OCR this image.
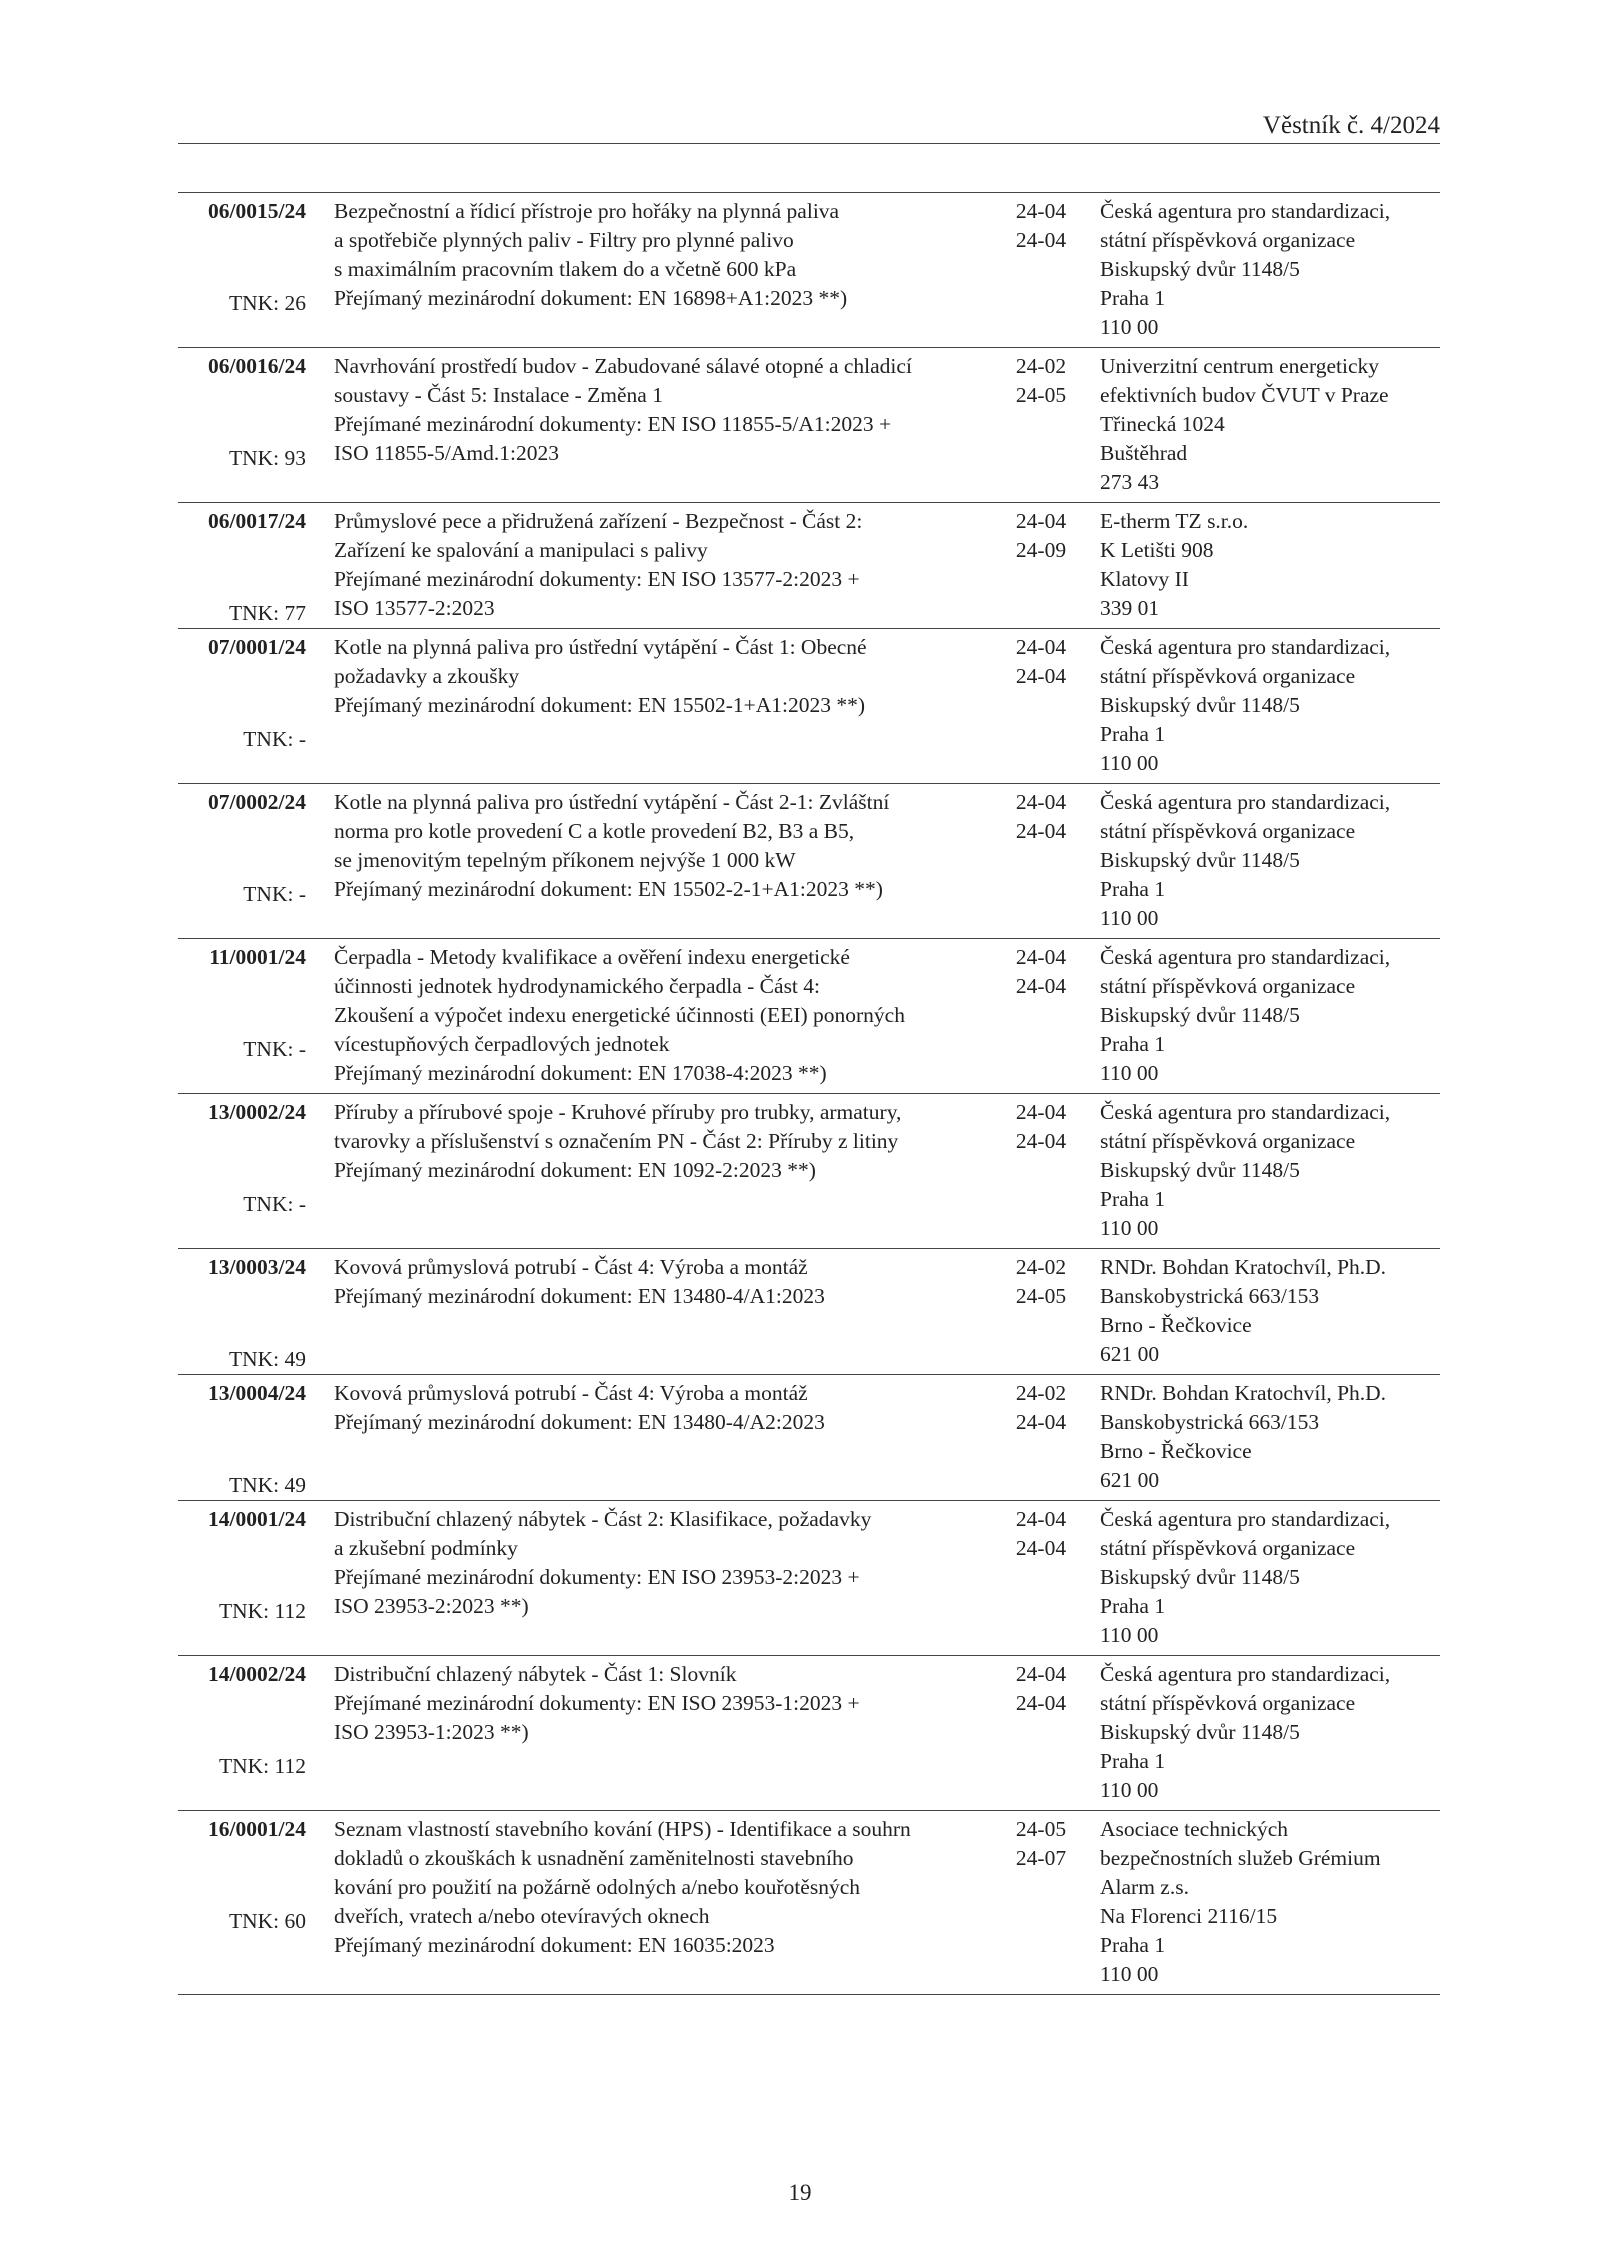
Věstník č. 4/2024
06/0015/24
TNK: 26
Bezpečnostní a řídicí přístroje pro hořáky na plynná paliva
a spotřebiče plynných paliv - Filtry pro plynné palivo
s maximálním pracovním tlakem do a včetně 600 kPa
Přejímaný mezinárodní dokument: EN 16898+A1:2023 **)
24-04
24-04
Česká agentura pro standardizaci,
státní příspěvková organizace
Biskupský dvůr 1148/5
Praha 1
110 00
06/0016/24
TNK: 93
Navrhování prostředí budov - Zabudované sálavé otopné a chladicí
soustavy - Část 5: Instalace - Změna 1
Přejímané mezinárodní dokumenty: EN ISO 11855-5/A1:2023 +
ISO 11855-5/Amd.1:2023
24-02
24-05
Univerzitní centrum energeticky
efektivních budov ČVUT v Praze
Třinecká 1024
Buštěhrad
273 43
06/0017/24
TNK: 77
Průmyslové pece a přidružená zařízení - Bezpečnost - Část 2:
Zařízení ke spalování a manipulaci s palivy
Přejímané mezinárodní dokumenty: EN ISO 13577-2:2023 +
ISO 13577-2:2023
24-04
24-09
E-therm TZ s.r.o.
K Letišti 908
Klatovy II
339 01
07/0001/24
TNK: -
Kotle na plynná paliva pro ústřední vytápění - Část 1: Obecné
požadavky a zkoušky
Přejímaný mezinárodní dokument: EN 15502-1+A1:2023 **)
24-04
24-04
Česká agentura pro standardizaci,
státní příspěvková organizace
Biskupský dvůr 1148/5
Praha 1
110 00
07/0002/24
TNK: -
Kotle na plynná paliva pro ústřední vytápění - Část 2-1: Zvláštní
norma pro kotle provedení C a kotle provedení B2, B3 a B5,
se jmenovitým tepelným příkonem nejvýše 1 000 kW
Přejímaný mezinárodní dokument: EN 15502-2-1+A1:2023 **)
24-04
24-04
Česká agentura pro standardizaci,
státní příspěvková organizace
Biskupský dvůr 1148/5
Praha 1
110 00
11/0001/24
TNK: -
Čerpadla - Metody kvalifikace a ověření indexu energetické
účinnosti jednotek hydrodynamického čerpadla - Část 4:
Zkoušení a výpočet indexu energetické účinnosti (EEI) ponorných
vícestupňových čerpadlových jednotek
Přejímaný mezinárodní dokument: EN 17038-4:2023 **)
24-04
24-04
Česká agentura pro standardizaci,
státní příspěvková organizace
Biskupský dvůr 1148/5
Praha 1
110 00
13/0002/24
TNK: -
Příruby a přírubové spoje - Kruhové příruby pro trubky, armatury,
tvarovky a příslušenství s označením PN - Část 2: Příruby z litiny
Přejímaný mezinárodní dokument: EN 1092-2:2023 **)
24-04
24-04
Česká agentura pro standardizaci,
státní příspěvková organizace
Biskupský dvůr 1148/5
Praha 1
110 00
13/0003/24
TNK: 49
Kovová průmyslová potrubí - Část 4: Výroba a montáž
Přejímaný mezinárodní dokument: EN 13480-4/A1:2023
24-02
24-05
RNDr. Bohdan Kratochvíl, Ph.D.
Banskobystrická 663/153
Brno - Řečkovice
621 00
13/0004/24
TNK: 49
Kovová průmyslová potrubí - Část 4: Výroba a montáž
Přejímaný mezinárodní dokument: EN 13480-4/A2:2023
24-02
24-04
RNDr. Bohdan Kratochvíl, Ph.D.
Banskobystrická 663/153
Brno - Řečkovice
621 00
14/0001/24
TNK: 112
Distribuční chlazený nábytek - Část 2: Klasifikace, požadavky
a zkušební podmínky
Přejímané mezinárodní dokumenty: EN ISO 23953-2:2023 +
ISO 23953-2:2023 **)
24-04
24-04
Česká agentura pro standardizaci,
státní příspěvková organizace
Biskupský dvůr 1148/5
Praha 1
110 00
14/0002/24
TNK: 112
Distribuční chlazený nábytek - Část 1: Slovník
Přejímané mezinárodní dokumenty: EN ISO 23953-1:2023 +
ISO 23953-1:2023 **)
24-04
24-04
Česká agentura pro standardizaci,
státní příspěvková organizace
Biskupský dvůr 1148/5
Praha 1
110 00
16/0001/24
TNK: 60
Seznam vlastností stavebního kování (HPS) - Identifikace a souhrn
dokladů o zkouškách k usnadnění zaměnitelnosti stavebního
kování pro použití na požárně odolných a/nebo kouřotěsných
dveřích, vratech a/nebo otevíravých oknech
Přejímaný mezinárodní dokument: EN 16035:2023
24-05
24-07
Asociace technických
bezpečnostních služeb Grémium
Alarm z.s.
Na Florenci 2116/15
Praha 1
110 00
19
